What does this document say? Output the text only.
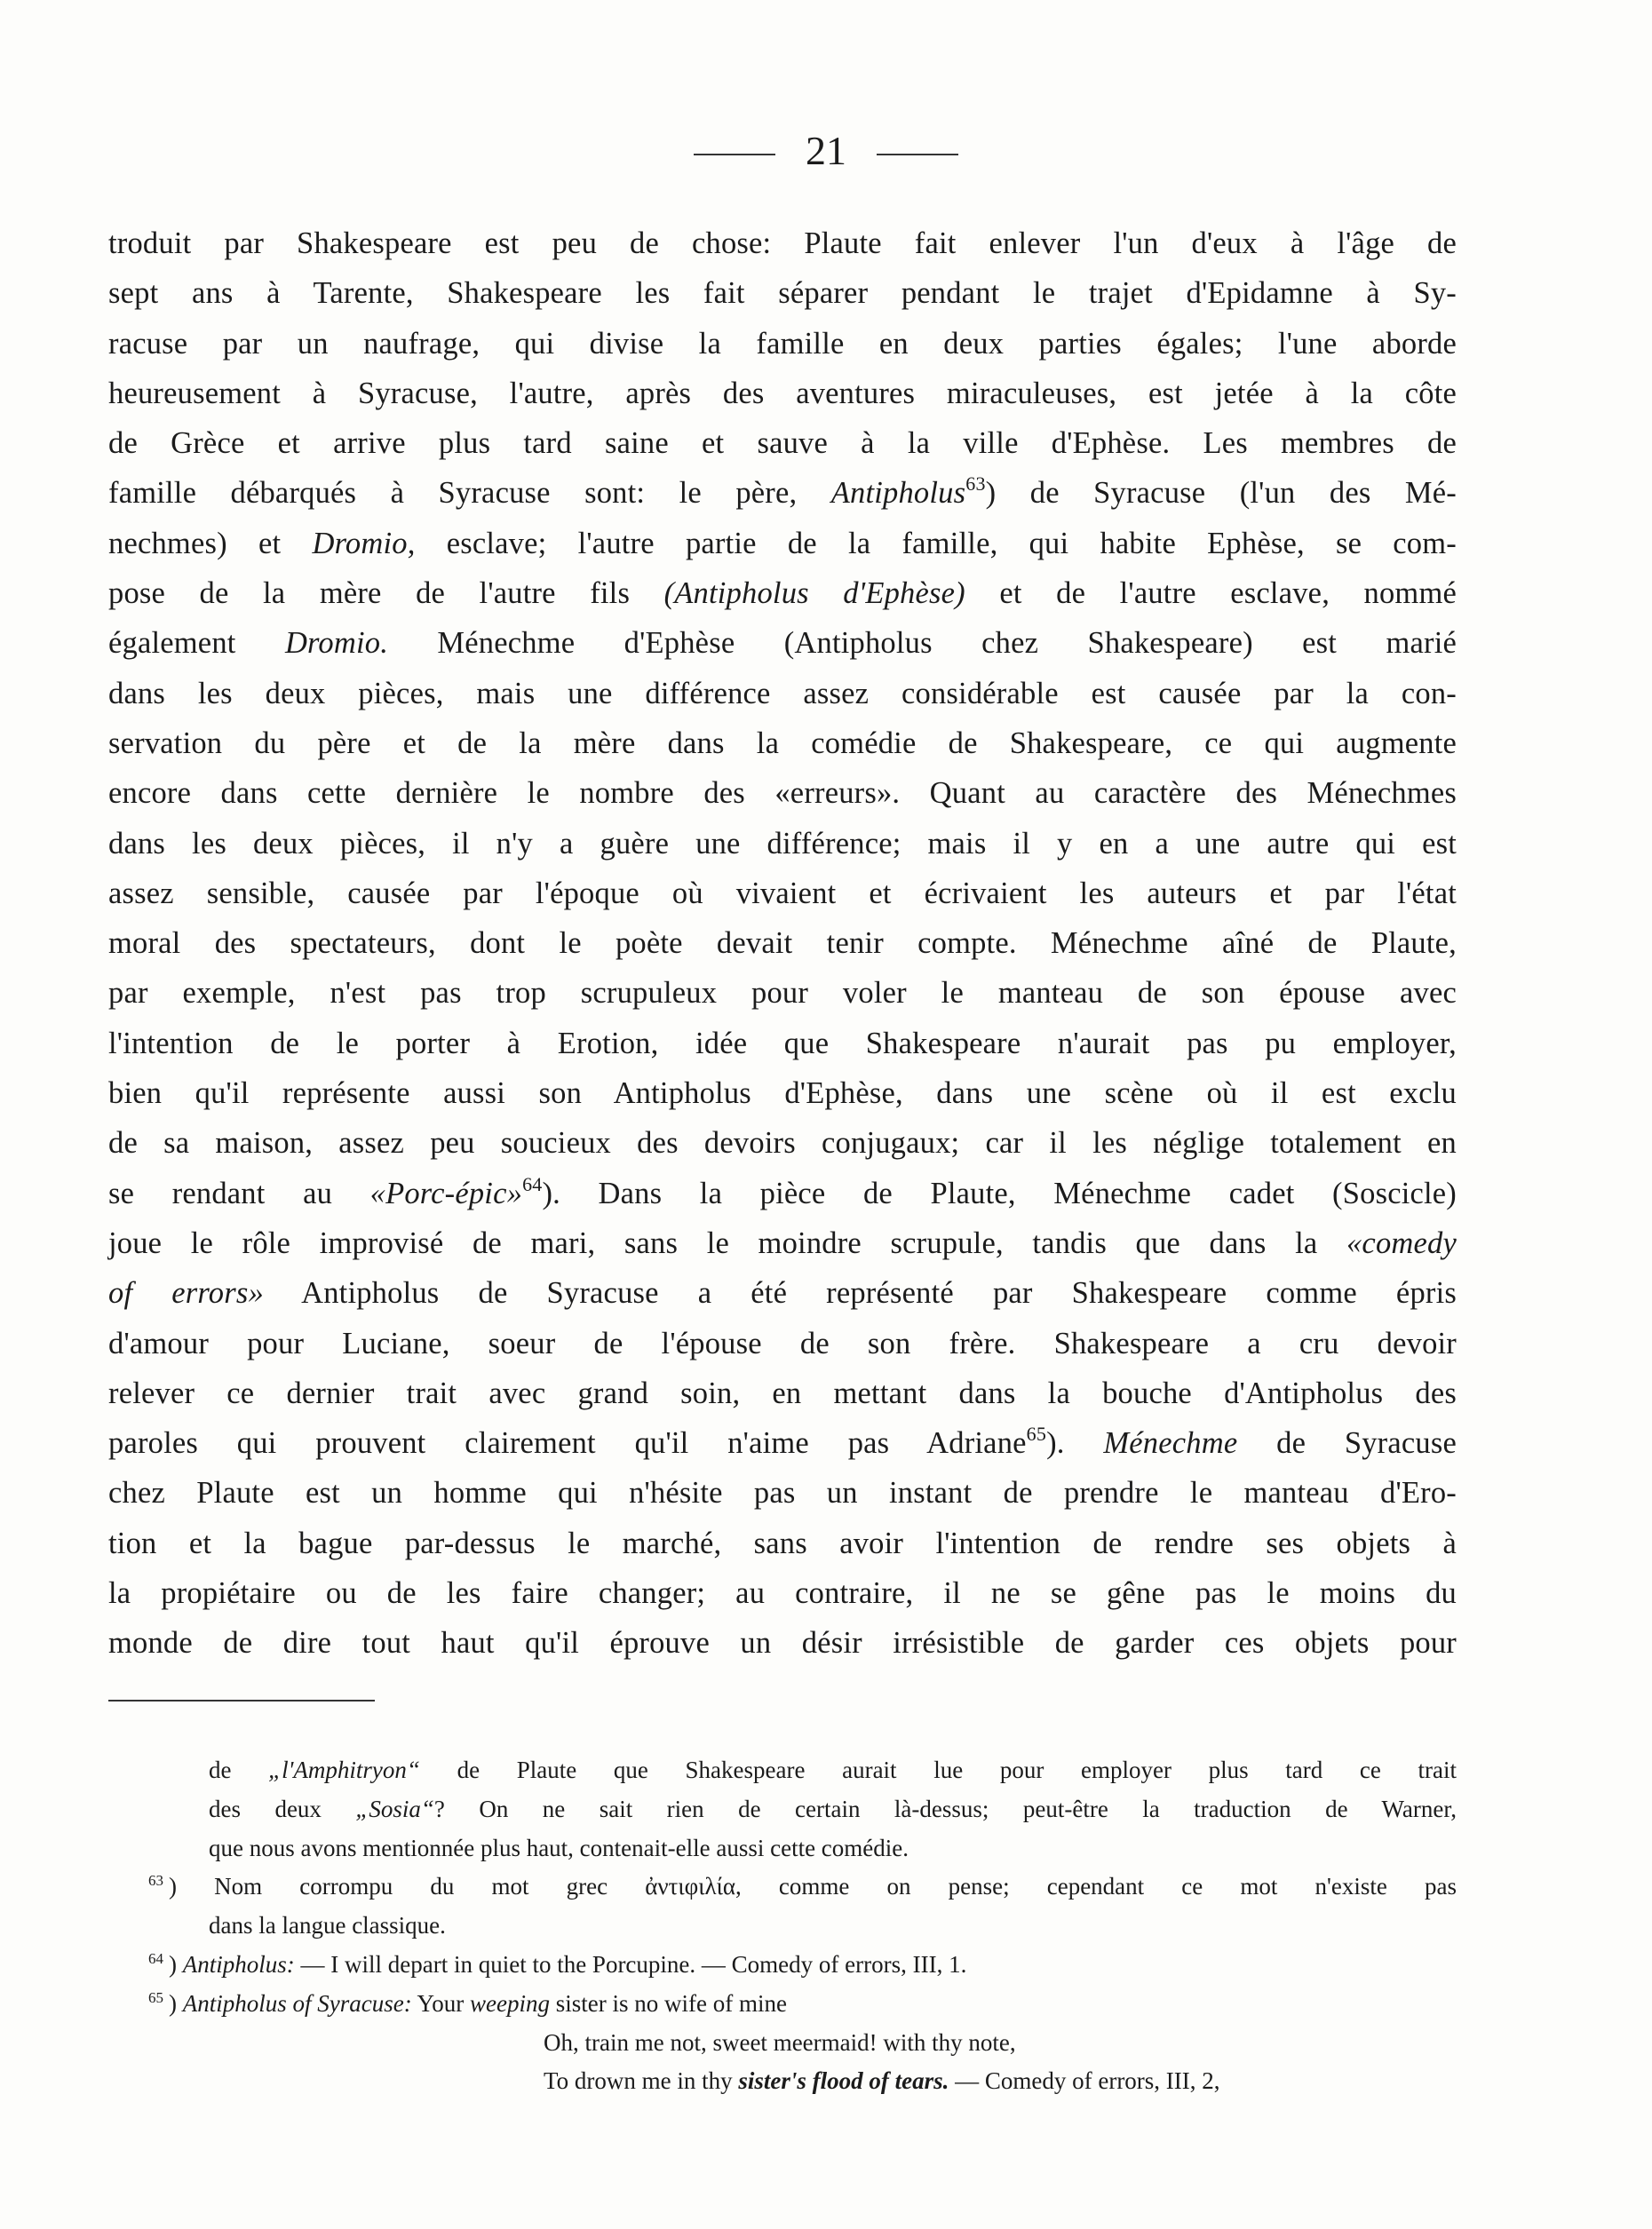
21
troduit par Shakespeare est peu de chose: Plaute fait enlever l'un d'eux à l'âge de
sept ans à Tarente, Shakespeare les fait séparer pendant le trajet d'Epidamne à Sy-
racuse par un naufrage, qui divise la famille en deux parties égales; l'une aborde
heureusement à Syracuse, l'autre, après des aventures miraculeuses, est jetée à la côte
de Grèce et arrive plus tard saine et sauve à la ville d'Ephèse. Les membres de
famille débarqués à Syracuse sont: le père, Antipholus$^{63}$) de Syracuse (l'un des Mé-
nechmes) et Dromio, esclave; l'autre partie de la famille, qui habite Ephèse, se com-
pose de la mère de l'autre fils (Antipholus d'Ephèse) et de l'autre esclave, nommé
également Dromio. Ménechme d'Ephèse (Antipholus chez Shakespeare) est marié
dans les deux pièces, mais une différence assez considérable est causée par la con-
servation du père et de la mère dans la comédie de Shakespeare, ce qui augmente
encore dans cette dernière le nombre des «erreurs». Quant au caractère des Ménechmes
dans les deux pièces, il n'y a guère une différence; mais il y en a une autre qui est
assez sensible, causée par l'époque où vivaient et écrivaient les auteurs et par l'état
moral des spectateurs, dont le poète devait tenir compte. Ménechme aîné de Plaute,
par exemple, n'est pas trop scrupuleux pour voler le manteau de son épouse avec
l'intention de le porter à Erotion, idée que Shakespeare n'aurait pas pu employer,
bien qu'il représente aussi son Antipholus d'Ephèse, dans une scène où il est exclu
de sa maison, assez peu soucieux des devoirs conjugaux; car il les néglige totalement en
se rendant au «Porc-épic»$^{64}$). Dans la pièce de Plaute, Ménechme cadet (Soscicle)
joue le rôle improvisé de mari, sans le moindre scrupule, tandis que dans la «comedy
of errors» Antipholus de Syracuse a été représenté par Shakespeare comme épris
d'amour pour Luciane, soeur de l'épouse de son frère. Shakespeare a cru devoir
relever ce dernier trait avec grand soin, en mettant dans la bouche d'Antipholus des
paroles qui prouvent clairement qu'il n'aime pas Adriane$^{65}$). Ménechme de Syracuse
chez Plaute est un homme qui n'hésite pas un instant de prendre le manteau d'Ero-
tion et la bague par-dessus le marché, sans avoir l'intention de rendre ses objets à
la propiétaire ou de les faire changer; au contraire, il ne se gêne pas le moins du
monde de dire tout haut qu'il éprouve un désir irrésistible de garder ces objets pour
de „l'Amphitryon“ de Plaute que Shakespeare aurait lue pour employer plus tard ce trait
des deux „Sosia“? On ne sait rien de certain là-dessus; peut-être la traduction de Warner,
que nous avons mentionnée plus haut, contenait-elle aussi cette comédie.
$^{63}$ ) Nom corrompu du mot grec ἀντιφιλία, comme on pense; cependant ce mot n'existe pas
dans la langue classique.
$^{64}$ ) Antipholus: — I will depart in quiet to the Porcupine. — Comedy of errors, III, 1.
$^{65}$ ) Antipholus of Syracuse: Your weeping sister is no wife of mine
Oh, train me not, sweet meermaid! with thy note,
To drown me in thy sister's flood of tears. — Comedy of errors, III, 2,
